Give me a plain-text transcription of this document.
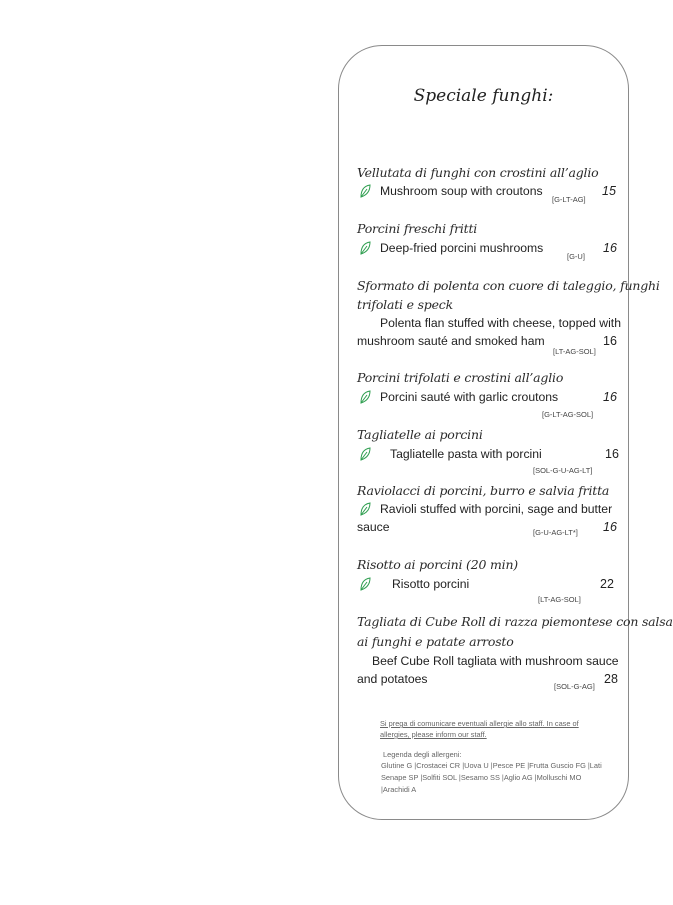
Speciale funghi:
Vellutata di funghi con crostini all’aglio
Mushroom soup with croutons
[G-LT-AG]
15
Porcini freschi fritti
Deep-fried porcini mushrooms
[G-U]
16
Sformato di polenta con cuore di taleggio, funghi
trifolati e speck
Polenta flan stuffed with cheese, topped with
mushroom sauté and smoked ham
[LT-AG-SOL]
16
Porcini trifolati e crostini all’aglio
Porcini sauté with garlic croutons
[G-LT-AG-SOL]
16
Tagliatelle ai porcini
Tagliatelle pasta with porcini
[SOL-G-U-AG-LT]
16
Raviolacci di porcini, burro e salvia fritta
Ravioli stuffed with porcini, sage and butter
sauce	[G-U-AG-LT*] 16
Risotto ai porcini (20 min)
Risotto porcini
[LT-AG-SOL]
22
Tagliata di Cube Roll di razza piemontese con salsa
ai funghi e patate arrosto
Beef Cube Roll tagliata with mushroom sauce
and potatoes
[SOL-G-AG]
28
Si prega di comunicare eventuali allergie allo staff. In case of
allergies, please inform our staff.
Legenda degli allergeni:
Glutine G |Crostacei CR |Uova U |Pesce PE |Frutta Guscio FG |Lati
Senape SP |Solfiti SOL |Sesamo SS |Aglio AG |Molluschi MO
|Arachidi A
